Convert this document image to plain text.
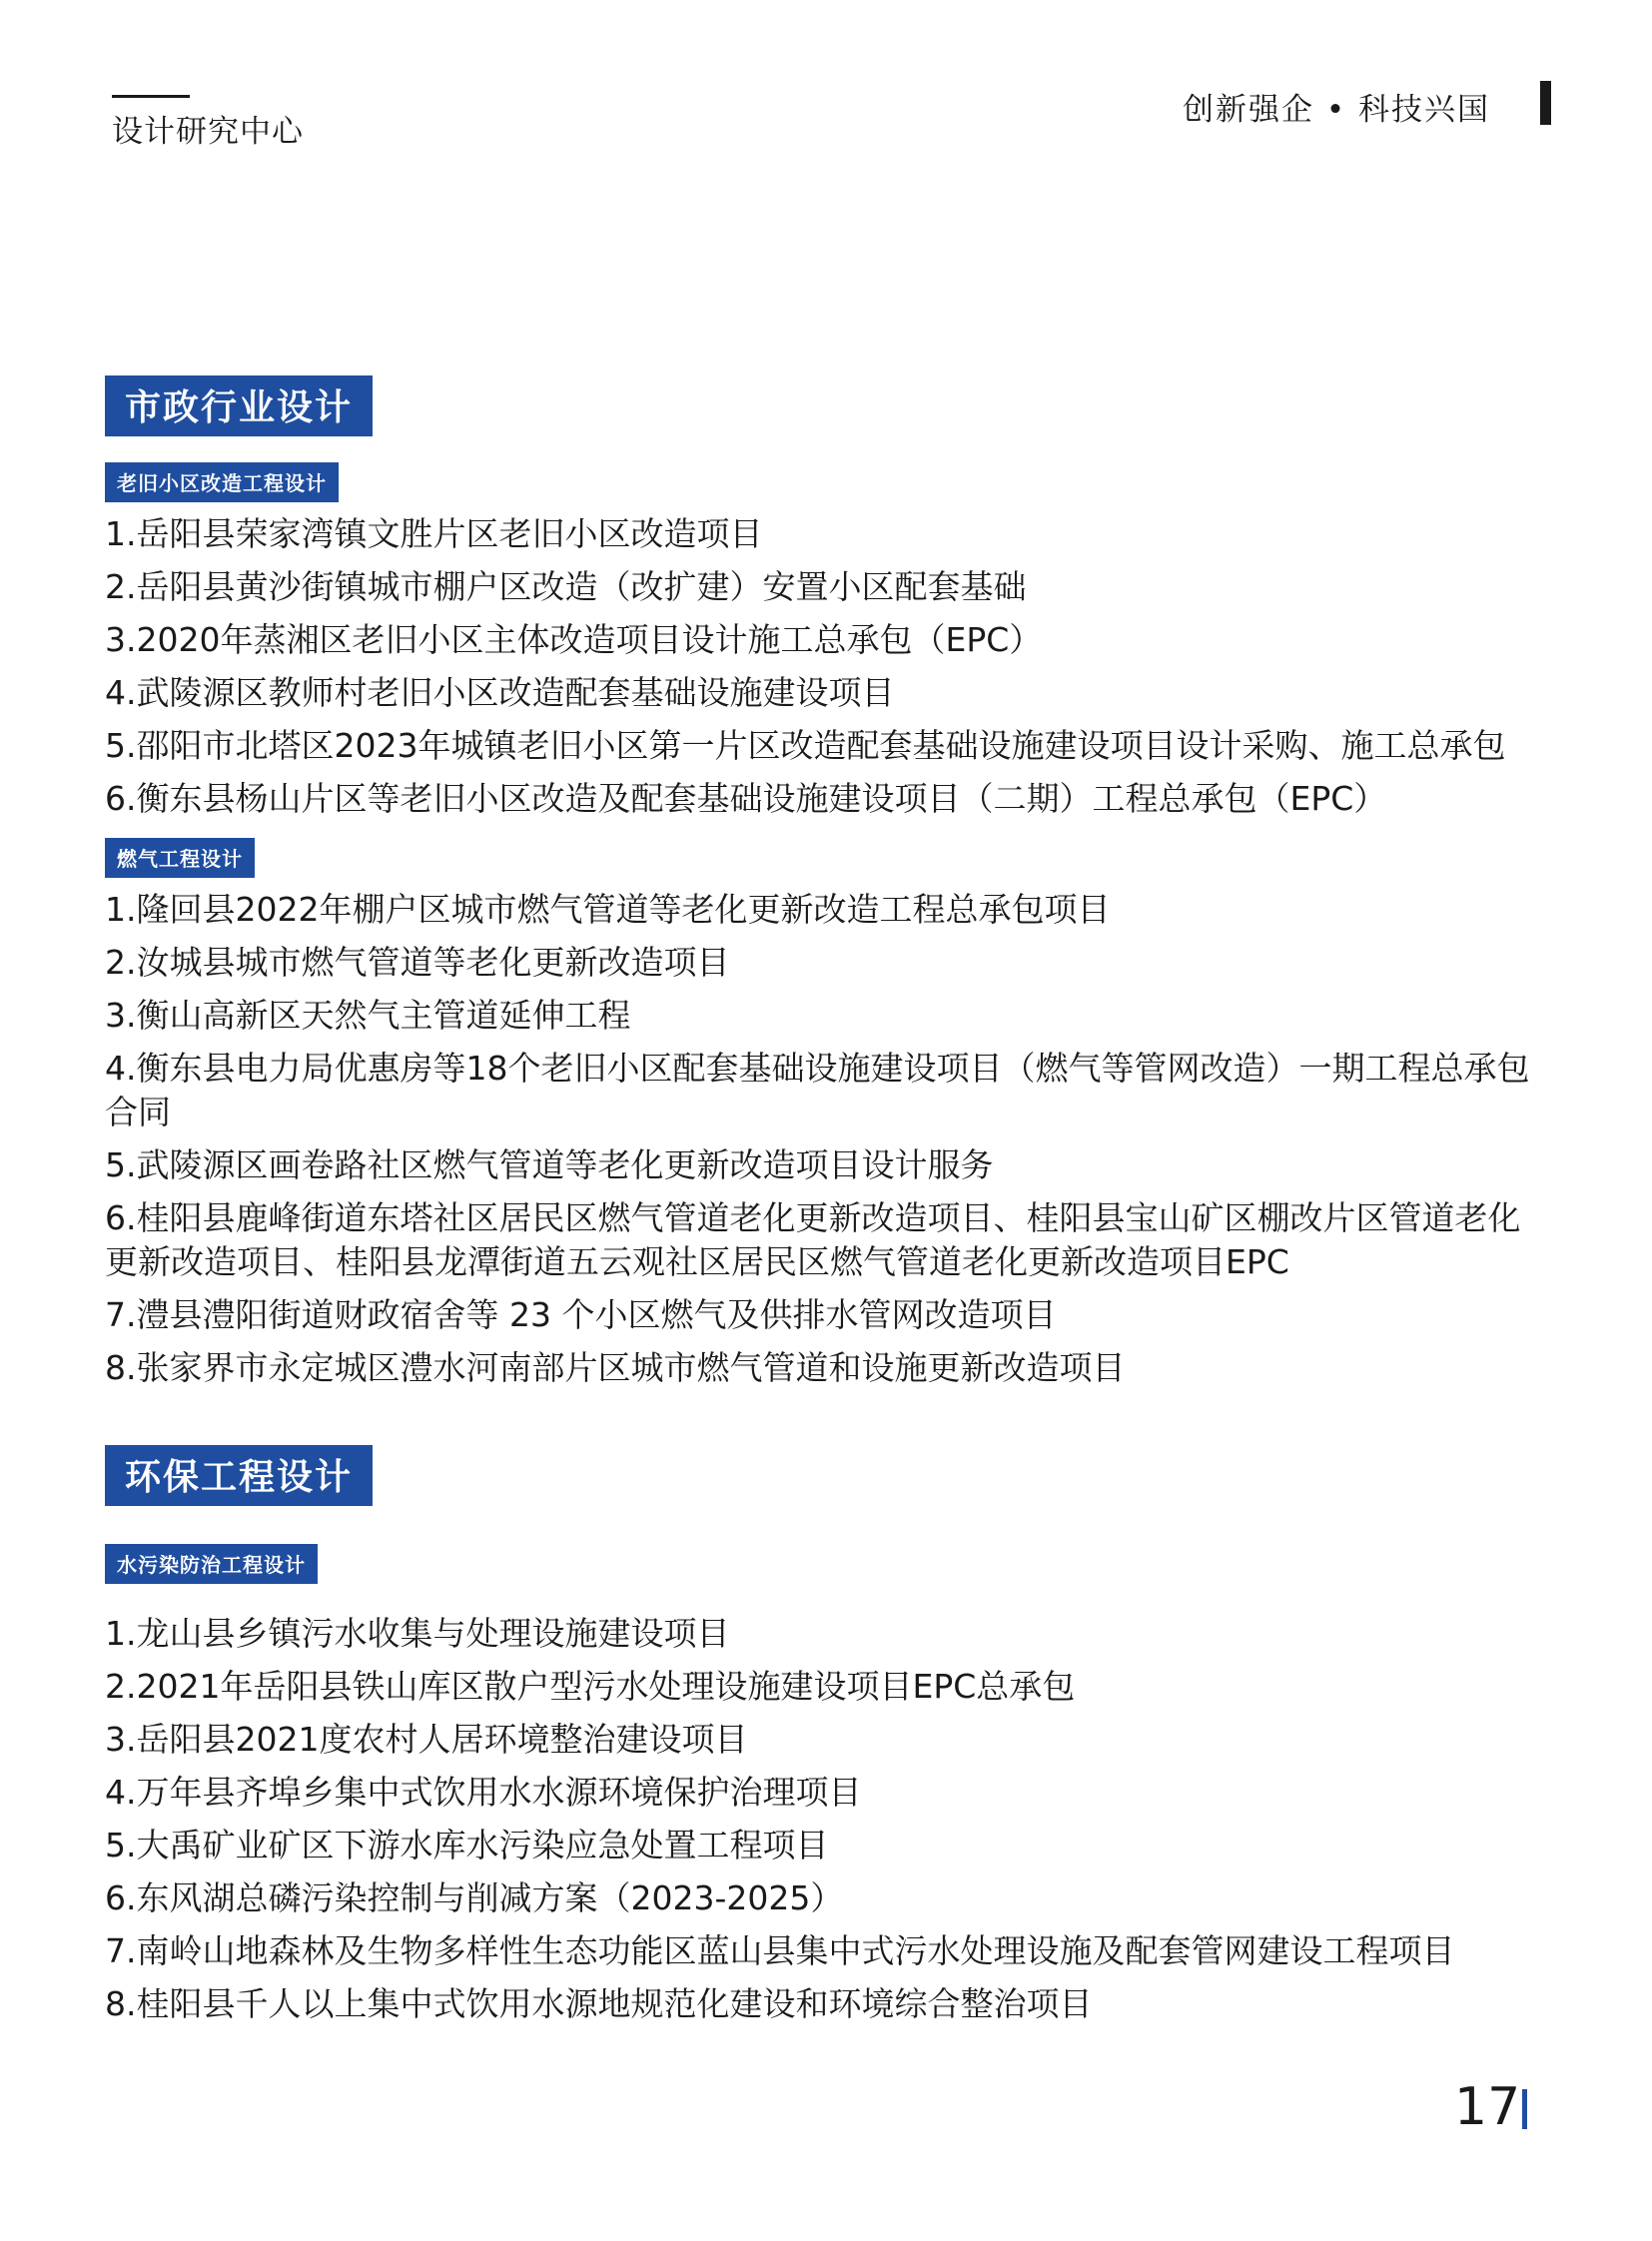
设计研究中心
创新强企 • 科技兴国
市政行业设计
老旧小区改造工程设计
1.岳阳县荣家湾镇文胜片区老旧小区改造项目
2.岳阳县黄沙街镇城市棚户区改造（改扩建）安置小区配套基础
3.2020年蒸湘区老旧小区主体改造项目设计施工总承包（EPC）
4.武陵源区教师村老旧小区改造配套基础设施建设项目
5.邵阳市北塔区2023年城镇老旧小区第一片区改造配套基础设施建设项目设计采购、施工总承包
6.衡东县杨山片区等老旧小区改造及配套基础设施建设项目（二期）工程总承包（EPC）
燃气工程设计
1.隆回县2022年棚户区城市燃气管道等老化更新改造工程总承包项目
2.汝城县城市燃气管道等老化更新改造项目
3.衡山高新区天然气主管道延伸工程
4.衡东县电力局优惠房等18个老旧小区配套基础设施建设项目（燃气等管网改造）一期工程总承包合同
5.武陵源区画卷路社区燃气管道等老化更新改造项目设计服务
6.桂阳县鹿峰街道东塔社区居民区燃气管道老化更新改造项目、桂阳县宝山矿区棚改片区管道老化更新改造项目、桂阳县龙潭街道五云观社区居民区燃气管道老化更新改造项目EPC
7.澧县澧阳街道财政宿舍等 23 个小区燃气及供排水管网改造项目
8.张家界市永定城区澧水河南部片区城市燃气管道和设施更新改造项目
环保工程设计
水污染防治工程设计
1.龙山县乡镇污水收集与处理设施建设项目
2.2021年岳阳县铁山库区散户型污水处理设施建设项目EPC总承包
3.岳阳县2021度农村人居环境整治建设项目
4.万年县齐埠乡集中式饮用水水源环境保护治理项目
5.大禹矿业矿区下游水库水污染应急处置工程项目
6.东风湖总磷污染控制与削减方案（2023-2025）
7.南岭山地森林及生物多样性生态功能区蓝山县集中式污水处理设施及配套管网建设工程项目
8.桂阳县千人以上集中式饮用水源地规范化建设和环境综合整治项目
17
